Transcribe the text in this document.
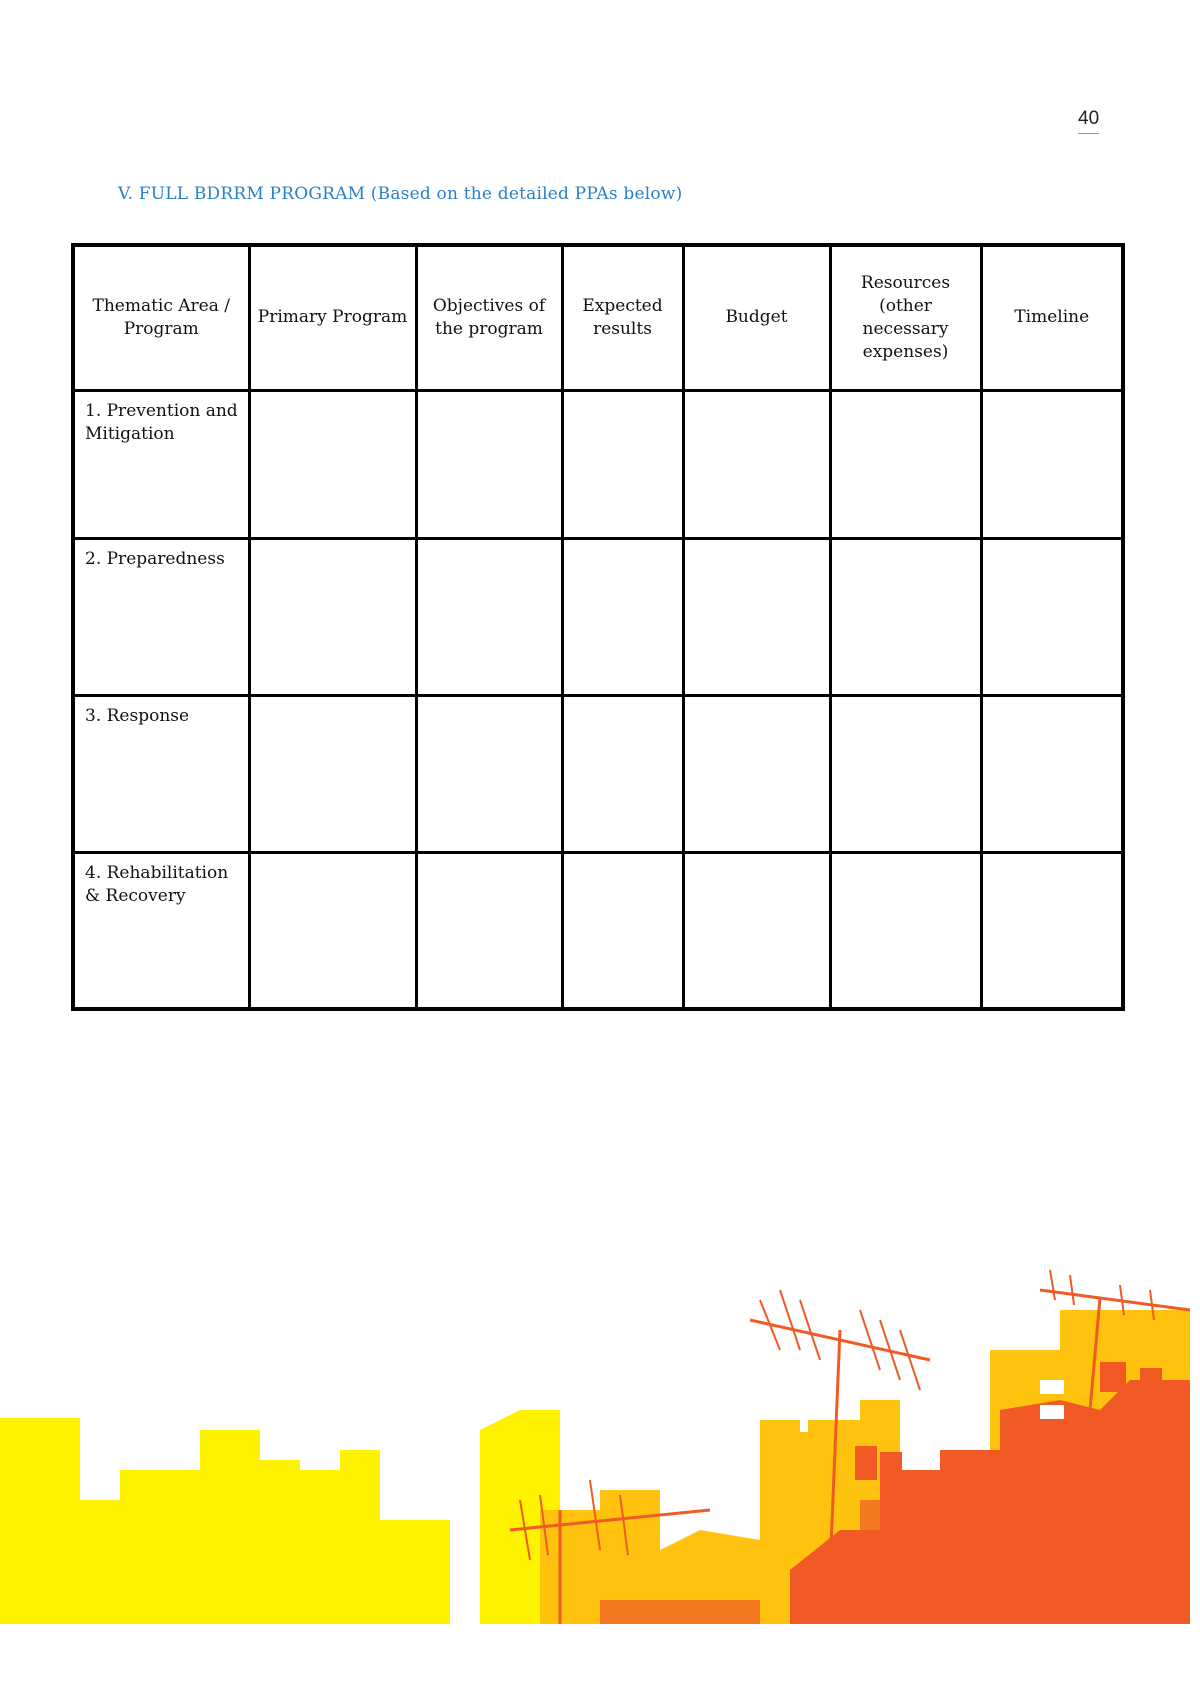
40
V. FULL BDRRM PROGRAM (Based on the detailed PPAs below)
Thematic Area / Program	Primary Program	Objectives of the program	Expected results	Budget	Resources (other necessary expenses)	Timeline
1. Prevention and Mitigation						
2. Preparedness						
3. Response						
4. Rehabilitation & Recovery						
